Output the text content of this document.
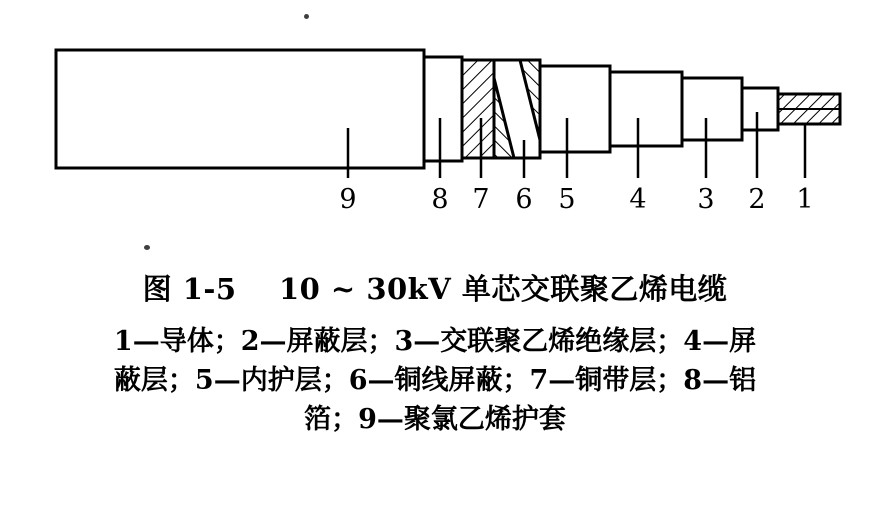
9	8 7 6 5 4 3 2 1
图 1-5    10 ~ 30kV 单芯交联聚乙烯电缆
1—导体；2—屏蔽层；3—交联聚乙烯绝缘层；4—屏
蔽层；5—内护层；6—铜线屏蔽；7—铜带层；8—铝
箔；9—聚氯乙烯护套
